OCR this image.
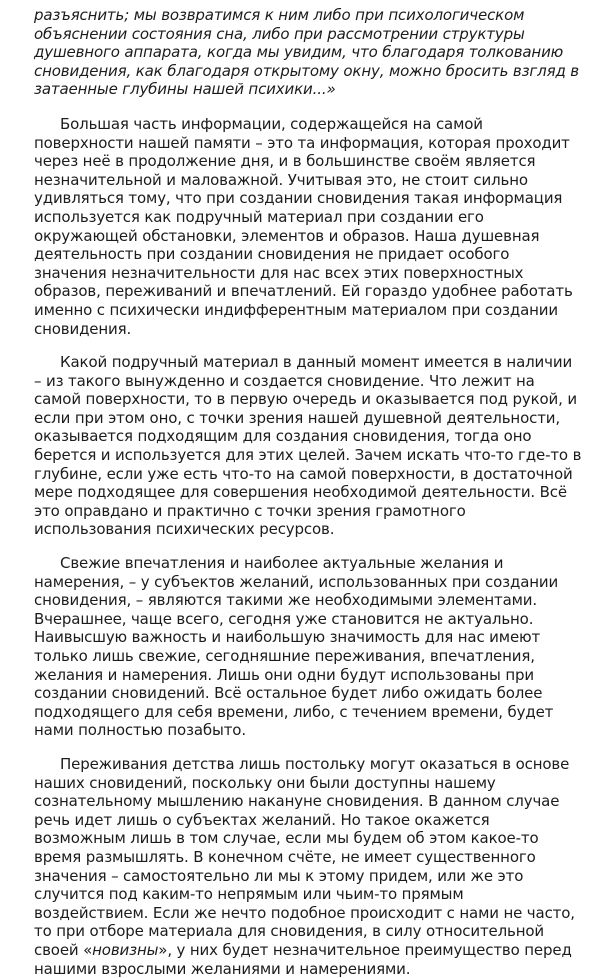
разъяснить; мы возвратимся к ним либо при психологическом объяснении состояния сна, либо при рассмотрении структуры душевного аппарата, когда мы увидим, что благодаря толкованию сновидения, как благодаря открытому окну, можно бросить взгляд в затаенные глубины нашей психики...»

Большая часть информации, содержащейся на самой поверхности нашей памяти – это та информация, которая проходит через неё в продолжение дня, и в большинстве своём является незначительной и маловажной. Учитывая это, не стоит сильно удивляться тому, что при создании сновидения такая информация используется как подручный материал при создании его окружающей обстановки, элементов и образов. Наша душевная деятельность при создании сновидения не придает особого значения незначительности для нас всех этих поверхностных образов, переживаний и впечатлений. Ей гораздо удобнее работать именно с психически индифферентным материалом при создании сновидения.

Какой подручный материал в данный момент имеется в наличии – из такого вынужденно и создается сновидение. Что лежит на самой поверхности, то в первую очередь и оказывается под рукой, и если при этом оно, с точки зрения нашей душевной деятельности, оказывается подходящим для создания сновидения, тогда оно берется и используется для этих целей. Зачем искать что-то где-то в глубине, если уже есть что-то на самой поверхности, в достаточной мере подходящее для совершения необходимой деятельности. Всё это оправдано и практично с точки зрения грамотного использования психических ресурсов.

Свежие впечатления и наиболее актуальные желания и намерения, – у субъектов желаний, использованных при создании сновидения, – являются такими же необходимыми элементами. Вчерашнее, чаще всего, сегодня уже становится не актуально. Наивысшую важность и наибольшую значимость для нас имеют только лишь свежие, сегодняшние переживания, впечатления, желания и намерения. Лишь они одни будут использованы при создании сновидений. Всё остальное будет либо ожидать более подходящего для себя времени, либо, с течением времени, будет нами полностью позабыто.

Переживания детства лишь постольку могут оказаться в основе наших сновидений, поскольку они были доступны нашему сознательному мышлению накануне сновидения. В данном случае речь идет лишь о субъектах желаний. Но такое окажется возможным лишь в том случае, если мы будем об этом какое-то время размышлять. В конечном счёте, не имеет существенного значения – самостоятельно ли мы к этому придем, или же это случится под каким-то непрямым или чьим-то прямым воздействием. Если же нечто подобное происходит с нами не часто, то при отборе материала для сновидения, в силу относительной своей «новизны», у них будет незначительное преимущество перед нашими взрослыми желаниями и намерениями.
